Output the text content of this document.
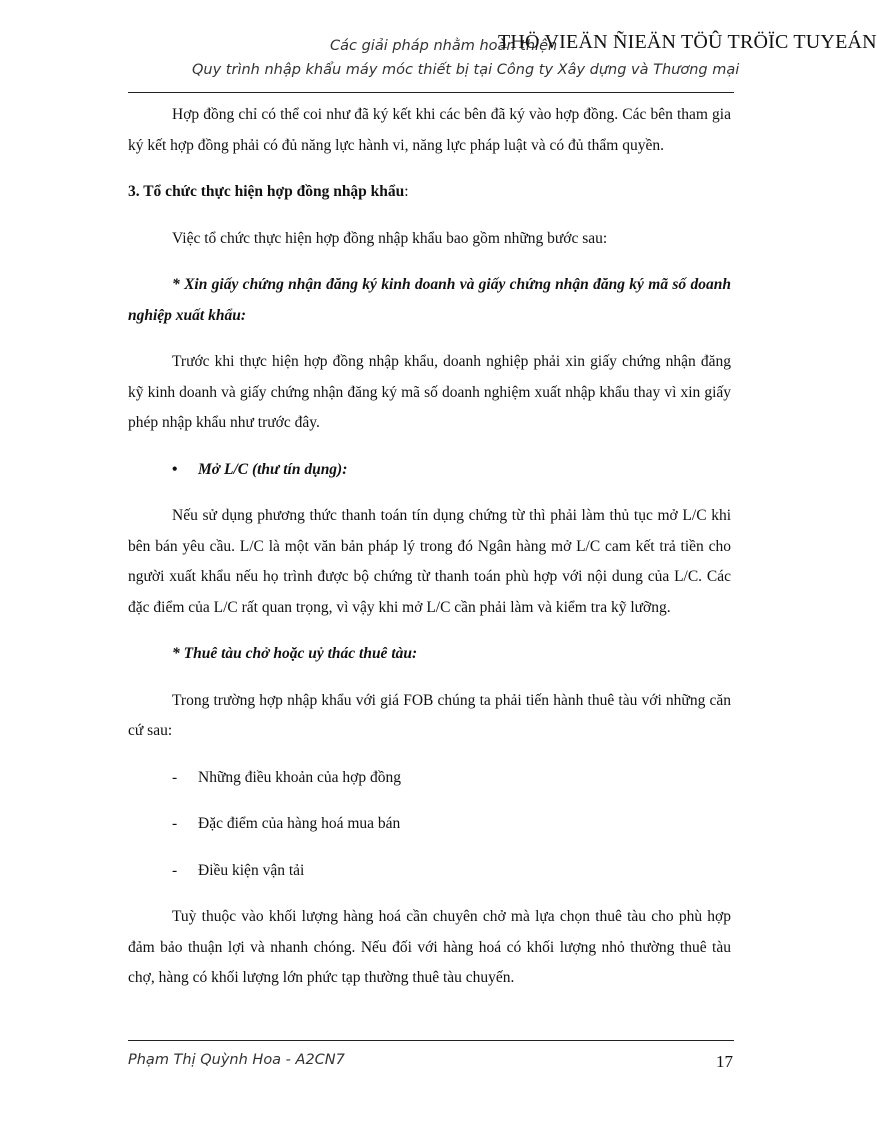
Các giải pháp nhằm hoàn thiện
THÖ VIEÄN ÑIEÄN TÖÛ TRÖÏC TUYEÁN
Quy trình nhập khẩu máy móc thiết bị tại Công ty Xây dựng và Thương mại

Hợp đồng chỉ có thể coi như đã ký kết khi các bên đã ký vào hợp đồng. Các bên tham gia ký kết hợp đồng phải có đủ năng lực hành vi, năng lực pháp luật và có đủ thẩm quyền.

3. Tổ chức thực hiện hợp đồng nhập khẩu:

Việc tổ chức thực hiện hợp đồng nhập khẩu bao gồm những bước sau:

* Xin giấy chứng nhận đăng ký kinh doanh và giấy chứng nhận đăng ký mã số doanh nghiệp xuất khẩu:

Trước khi thực hiện hợp đồng nhập khẩu, doanh nghiệp phải xin giấy chứng nhận đăng kỹ kinh doanh và giấy chứng nhận đăng ký mã số doanh nghiệm xuất nhập khẩu thay vì xin giấy phép nhập khẩu như trước đây.

• Mở L/C (thư tín dụng):

Nếu sử dụng phương thức thanh toán tín dụng chứng từ thì phải làm thủ tục mở L/C khi bên bán yêu cầu. L/C là một văn bản pháp lý trong đó Ngân hàng mở L/C cam kết trả tiền cho người xuất khẩu nếu họ trình được bộ chứng từ thanh toán phù hợp với nội dung của L/C. Các đặc điểm của L/C rất quan trọng, vì vậy khi mở L/C cần phải làm và kiểm tra kỹ lưỡng.

* Thuê tàu chở hoặc uỷ thác thuê tàu:

Trong trường hợp nhập khẩu với giá FOB chúng ta phải tiến hành thuê tàu với những căn cứ sau:

- Những điều khoản của hợp đồng

- Đặc điểm của hàng hoá mua bán

- Điều kiện vận tải

Tuỳ thuộc vào khối lượng hàng hoá cần chuyên chở mà lựa chọn thuê tàu cho phù hợp đảm bảo thuận lợi và nhanh chóng. Nếu đối với hàng hoá có khối lượng nhỏ thường thuê tàu chợ, hàng có khối lượng lớn phức tạp thường thuê tàu chuyến.

Phạm Thị Quỳnh Hoa - A2CN7	17
